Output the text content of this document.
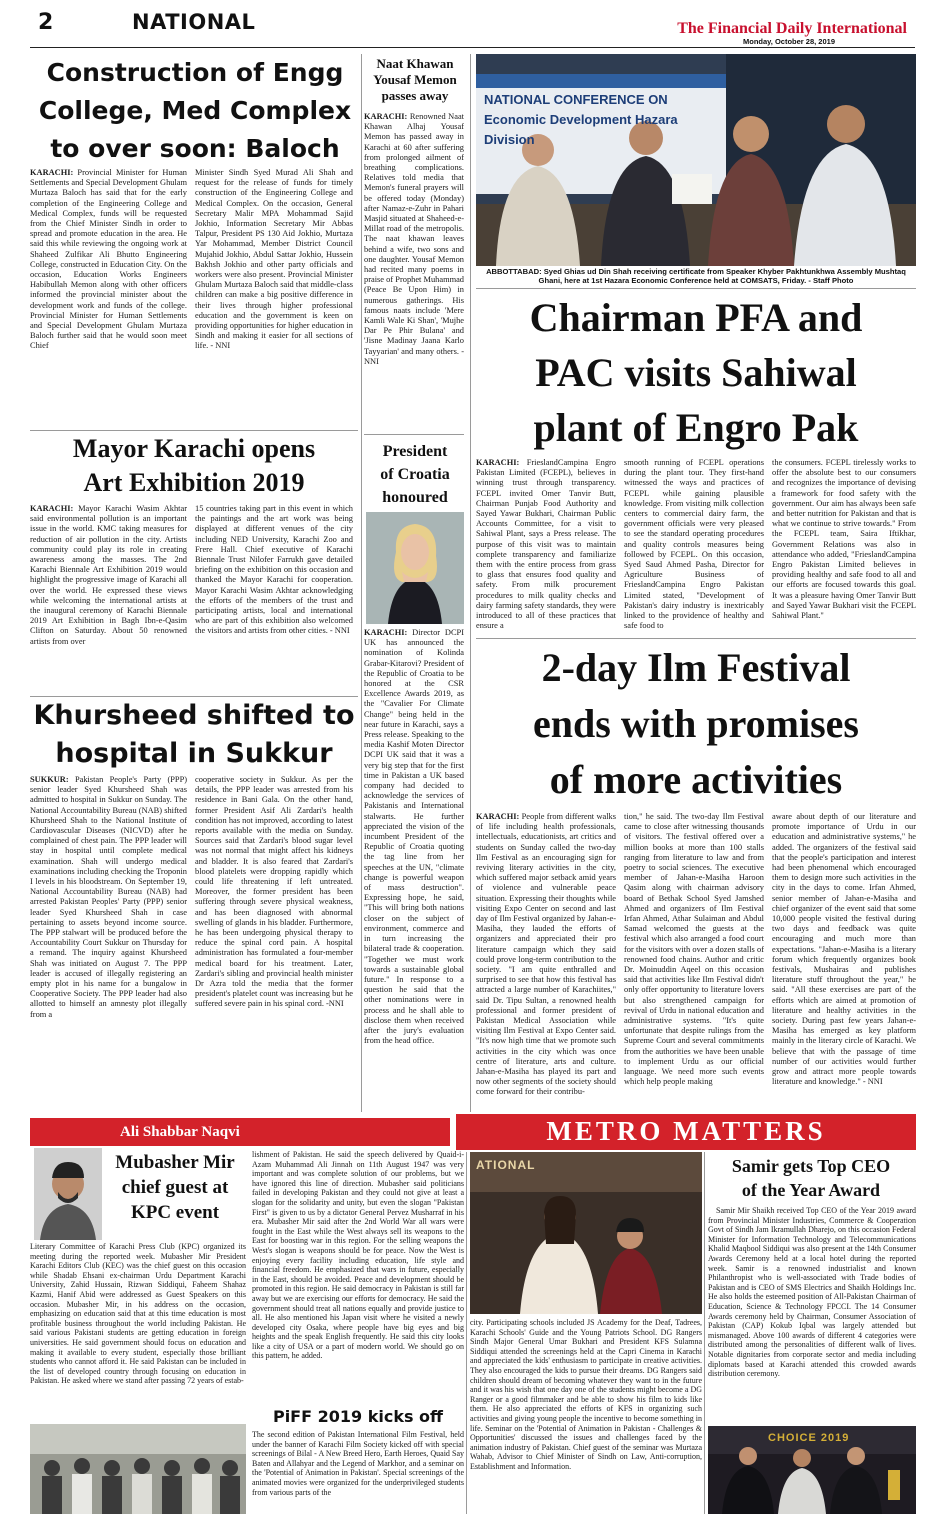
2	NATIONAL	The Financial Daily International
Monday, October 28, 2019
Construction of Engg
College, Med Complex
to over soon: Baloch
KARACHI: Provincial Minister for Human Settlements and Special Development Ghulam Murtaza Baloch has said that for the early completion of the Engineering College and Medical Complex, funds will be requested from the Chief Minister Sindh in order to spread and promote education in the area. He said this while reviewing the ongoing work at Shaheed Zulfikar Ali Bhutto Engineering College, constructed in Education City. On the occasion, Education Works Engineers Habibullah Memon along with other officers informed the provincial minister about the development work and funds of the college. Provincial Minister for Human Settlements and Special Development Ghulam Murtaza Baloch further said that he would soon meet Chief
Minister Sindh Syed Murad Ali Shah and request for the release of funds for timely construction of the Engineering College and Medical Complex. On the occasion, General Secretary Malir MPA Mohammad Sajid Jokhio, Information Secretary Mir Abbas Talpur, President PS 130 Aid Jokhio, Murtaza Yar Mohammad, Member District Council Mujahid Jokhio, Abdul Sattar Jokhio, Hussein Bakhsh Jokhio and other party officials and workers were also present. Provincial Minister Ghulam Murtaza Baloch said that middle-class children can make a big positive difference in their lives through higher professional education and the government is keen on providing opportunities for higher education in Sindh and making it easier for all sections of life. - NNI
Mayor Karachi opens
Art Exhibition 2019
KARACHI: Mayor Karachi Wasim Akhtar said environmental pollution is an important issue in the world. KMC taking measures for reduction of air pollution in the city. Artists community could play its role in creating awareness among the masses. The 2nd Karachi Biennale Art Exhibition 2019 would highlight the progressive image of Karachi all over the world. He expressed these views while welcoming the international artists at the inaugural ceremony of Karachi Biennale 2019 Art Exhibition in Bagh Ibn-e-Qasim Clifton on Saturday. About 50 renowned artists from over
15 countries taking part in this event in which the paintings and the art work was being displayed at different venues of the city including NED University, Karachi Zoo and Frere Hall. Chief executive of Karachi Biennale Trust Nilofer Farrukh gave detailed briefing on the exhibition on this occasion and thanked the Mayor Karachi for cooperation. Mayor Karachi Wasim Akhtar acknowledging the efforts of the members of the trust and participating artists, local and international who are part of this exhibition also welcomed the visitors and artists from other cities. - NNI
Khursheed shifted to
hospital in Sukkur
SUKKUR: Pakistan People's Party (PPP) senior leader Syed Khursheed Shah was admitted to hospital in Sukkur on Sunday. The National Accountability Bureau (NAB) shifted Khursheed Shah to the National Institute of Cardiovascular Diseases (NICVD) after he complained of chest pain. The PPP leader will stay in hospital until complete medical examination. Shah will undergo medical examinations including checking the Troponin I levels in his bloodstream. On September 19, National Accountability Bureau (NAB) had arrested Pakistan Peoples' Party (PPP) senior leader Syed Khursheed Shah in case pertaining to assets beyond income source. The PPP stalwart will be produced before the Accountability Court Sukkur on Thursday for a remand. The inquiry against Khursheed Shah was initiated on August 7. The PPP leader is accused of illegally registering an empty plot in his name for a bungalow in Cooperative Society. The PPP leader had also allotted to himself an amnesty plot illegally from a
cooperative society in Sukkur. As per the details, the PPP leader was arrested from his residence in Bani Gala. On the other hand, former President Asif Ali Zardari's health condition has not improved, according to latest reports available with the media on Sunday. Sources said that Zardari's blood sugar level was not normal that might affect his kidneys and bladder. It is also feared that Zardari's blood platelets were dropping rapidly which could life threatening if left untreated. Moreover, the former president has been suffering through severe physical weakness, and has been diagnosed with abnormal swelling of glands in his bladder. Furthermore, he has been undergoing physical therapy to reduce the spinal cord pain. A hospital administration has formulated a four-member medical board for his treatment. Later, Zardari's sibling and provincial health minister Dr Azra told the media that the former president's platelet count was increasing but he suffered severe pain in his spinal cord. -NNI
Naat Khawan
Yousaf Memon
passes away
KARACHI: Renowned Naat Khawan Alhaj Yousaf Memon has passed away in Karachi at 60 after suffering from prolonged ailment of breathing complications. Relatives told media that Memon's funeral prayers will be offered today (Monday) after Namaz-e-Zuhr in Pahari Masjid situated at Shaheed-e-Millat road of the metropolis. The naat khawan leaves behind a wife, two sons and one daughter. Yousaf Memon had recited many poems in praise of Prophet Muhammad (Peace Be Upon Him) in numerous gatherings. His famous naats include 'Mere Kamli Wale Ki Shan', 'Mujhe Dar Pe Phir Bulana' and 'Jisne Madinay Jaana Karlo Tayyarian' and many others. - NNI
President
of Croatia
honoured
KARACHI: Director DCPI UK has announced the nomination of Kolinda Grabar-Kitarovi? President of the Republic of Croatia to be honored at the CSR Excellence Awards 2019, as the "Cavalier For Climate Change" being held in the near future in Karachi, says a Press release. Speaking to the media Kashif Moten Director DCPI UK said that it was a very big step that for the first time in Pakistan a UK based company had decided to acknowledge the services of Pakistanis and International stalwarts. He further appreciated the vision of the incumbent President of the Republic of Croatia quoting the tag line from her speeches at the UN, "climate change is powerful weapon of mass destruction". Expressing hope, he said, "This will bring both nations closer on the subject of environment, commerce and in turn increasing the bilateral trade & cooperation. "Together we must work towards a sustainable global future." In response to a question he said that the other nominations were in process and he shall able to disclose them when received after the jury's evaluation from the head office.
NATIONAL CONFERENCE ON Economic Development Hazara Division
ABBOTTABAD: Syed Ghias ud Din Shah receiving certificate from Speaker Khyber Pakhtunkhwa Assembly Mushtaq Ghani, here at 1st Hazara Economic Conference held at COMSATS, Friday. - Staff Photo
Chairman PFA and
PAC visits Sahiwal
plant of Engro Pak
KARACHI: FrieslandCampina Engro Pakistan Limited (FCEPL), believes in winning trust through transparency. FCEPL invited Omer Tanvir Butt, Chairman Punjab Food Authority and Sayed Yawar Bukhari, Chairman Public Accounts Committee, for a visit to Sahiwal Plant, says a Press release. The purpose of this visit was to maintain complete transparency and familiarize them with the entire process from grass to glass that ensures food quality and safety. From milk procurement procedures to milk quality checks and dairy farming safety standards, they were introduced to all of these practices that ensure a
smooth running of FCEPL operations during the plant tour. They first-hand witnessed the ways and practices of FCEPL while gaining plausible knowledge. From visiting milk collection centers to commercial dairy farm, the government officials were very pleased to see the standard operating procedures and quality controls measures being followed by FCEPL. On this occasion, Syed Saud Ahmed Pasha, Director for Agriculture Business of FrieslandCampina Engro Pakistan Limited stated, "Development of Pakistan's dairy industry is inextricably linked to the providence of healthy and safe food to
the consumers. FCEPL tirelessly works to offer the absolute best to our consumers and recognizes the importance of devising a framework for food safety with the government. Our aim has always been safe and better nutrition for Pakistan and that is what we continue to strive towards." From the FCEPL team, Saira Iftikhar, Government Relations was also in attendance who added, "FrieslandCampina Engro Pakistan Limited believes in providing healthy and safe food to all and our efforts are focused towards this goal. It was a pleasure having Omer Tanvir Butt and Sayed Yawar Bukhari visit the FCEPL Sahiwal Plant."
2-day Ilm Festival
ends with promises
of more activities
KARACHI: People from different walks of life including health professionals, intellectuals, educationists, art critics and students on Sunday called the two-day Ilm Festival as an encouraging sign for reviving literary activities in the city, which suffered major setback amid years of violence and vulnerable peace situation. Expressing their thoughts while visiting Expo Center on second and last day of Ilm Festival organized by Jahan-e-Masiha, they lauded the efforts of organizers and appreciated their pro literature campaign which they said could prove long-term contribution to the society. "I am quite enthralled and surprised to see that how this festival has attracted a large number of Karachiites," said Dr. Tipu Sultan, a renowned health professional and former president of Pakistan Medical Association while visiting Ilm Festival at Expo Center said. "It's now high time that we promote such activities in the city which was once centre of literature, arts and culture. Jahan-e-Masiha has played its part and now other segments of the society should come forward for their contribu-
tion," he said. The two-day Ilm Festival came to close after witnessing thousands of visitors. The festival offered over a million books at more than 100 stalls ranging from literature to law and from poetry to social sciences. The executive member of Jahan-e-Masiha Haroon Qasim along with chairman advisory board of Bethak School Syed Jamshed Ahmed and organizers of Ilm Festival Irfan Ahmed, Athar Sulaiman and Abdul Samad welcomed the guests at the festival which also arranged a food court for the visitors with over a dozen stalls of renowned food chains. Author and critic Dr. Moinuddin Aqeel on this occasion said that activities like Ilm Festival didn't only offer opportunity to literature lovers but also strengthened campaign for revival of Urdu in national education and administrative systems. "It's quite unfortunate that despite rulings from the Supreme Court and several commitments from the authorities we have been unable to implement Urdu as our official language. We need more such events which help people making
aware about depth of our literature and promote importance of Urdu in our education and administrative systems," he added. The organizers of the festival said that the people's participation and interest had been phenomenal which encouraged them to design more such activities in the city in the days to come. Irfan Ahmed, senior member of Jahan-e-Masiha and chief organizer of the event said that some 10,000 people visited the festival during two days and feedback was quite encouraging and much more than expectations. "Jahan-e-Masiha is a literary forum which frequently organizes book festivals, Mushairas and publishes literature stuff throughout the year," he said. "All these exercises are part of the efforts which are aimed at promotion of literature and healthy activities in the society. During past few years Jahan-e-Masiha has emerged as key platform mainly in the literary circle of Karachi. We believe that with the passage of time number of our activities would further grow and attract more people towards literature and knowledge." - NNI
Ali Shabbar Naqvi	METRO MATTERS
Mubasher Mir
chief guest at
KPC event
Literary Committee of Karachi Press Club (KPC) organized its meeting during the reported week. Mubasher Mir President Karachi Editors Club (KEC) was the chief guest on this occasion while Shadab Ehsani ex-chairman Urdu Department Karachi University, Zahid Hussain, Rizwan Siddiqui, Faheem Shahaz Kazmi, Hanif Abid were addressed as Guest Speakers on this occasion. Mubasher Mir, in his address on the occasion, emphasizing on education said that at this time education is most profitable business throughout the world including Pakistan. He said various Pakistani students are getting education in foreign universities. He said government should focus on education and making it available to every student, especially those brilliant students who cannot afford it. He said Pakistan can be included in the list of developed country through focusing on education in Pakistan. He asked where we stand after passing 72 years of estab-
lishment of Pakistan. He said the speech delivered by Quaid-i-Azam Muhammad Ali Jinnah on 11th August 1947 was very important and was complete solution of our problems, but we have ignored this line of direction. Mubasher said politicians failed in developing Pakistan and they could not give at least a slogan for the solidarity and unity, but even the slogan "Pakistan First" is given to us by a dictator General Pervez Musharraf in his era. Mubasher Mir said after the 2nd World War all wars were fought in the East while the West always sell its weapons to the East for boosting war in this region. For the selling weapons the West's slogan is weapons should be for peace. Now the West is enjoying every facility including education, life style and financial freedom. He emphasized that wars in future, especially in the East, should be avoided. Peace and development should be promoted in this region. He said democracy in Pakistan is still far away but we are exercising our efforts for democracy. He said the government should treat all nations equally and provide justice to all. He also mentioned his Japan visit where he visited a newly developed city Osaka, where people have big eyes and big heights and the speak English frequently. He said this city looks like a city of USA or a part of modern world. We should go on this pattern, he added.
PiFF 2019 kicks off
The second edition of Pakistan International Film Festival, held under the banner of Karachi Film Society kicked off with special screenings of Bilal - A New Breed Hero, Earth Heroes, Quaid Say Baten and Allahyar and the Legend of Markhor, and a seminar on the 'Potential of Animation in Pakistan'. Special screenings of the animated movies were organized for the underprivileged students from various parts of the
ATIONAL
city. Participating schools included JS Academy for the Deaf, Tadrees, Karachi Schools' Guide and the Young Patriots School. DG Rangers Sindh Major General Umar Bukhari and President KFS Sulamna Siddiqui attended the screenings held at the Capri Cinema in Karachi and appreciated the kids' enthusiasm to participate in creative activities. They also encouraged the kids to pursue their dreams. DG Rangers said children should dream of becoming whatever they want to in the future and it was his wish that one day one of the students might become a DG Ranger or a good filmmaker and be able to show his film to kids like them. He also appreciated the efforts of KFS in organizing such activities and giving young people the incentive to become something in life. Seminar on the 'Potential of Animation in Pakistan - Challenges & Opportunities' discussed the issues and challenges faced by the animation industry of Pakistan. Chief guest of the seminar was Murtaza Wahab, Advisor to Chief Minister of Sindh on Law, Anti-corruption, Establishment and Information.
Samir gets Top CEO
of the Year Award

Samir Mir Shaikh received Top CEO of the Year 2019 award from Provincial Minister Industries, Commerce & Cooperation Govt of Sindh Jam Ikramullah Dharejo, on this occasion Federal Minister for Information Technology and Telecommunications Khalid Maqbool Siddiqui was also present at the 14th Consumer Awards Ceremony held at a local hotel during the reported week. Samir is a renowned industrialist and known Philanthropist who is well-associated with Trade bodies of Pakistan and is CEO of SMS Electrics and Shaikh Holdings Inc. He also holds the esteemed position of All-Pakistan Chairman of Education, Science & Technology FPCCI. The 14 Consumer Awards ceremony held by Chairman, Consumer Association of Pakistan (CAP) Kokub Iqbal was largely attended but mismanaged. Above 100 awards of different 4 categories were distributed among the personalities of different walk of lives. Notable dignitaries from corporate sector and media including diplomats based at Karachi attended this crowded awards distribution ceremony.

CHOICE 2019
